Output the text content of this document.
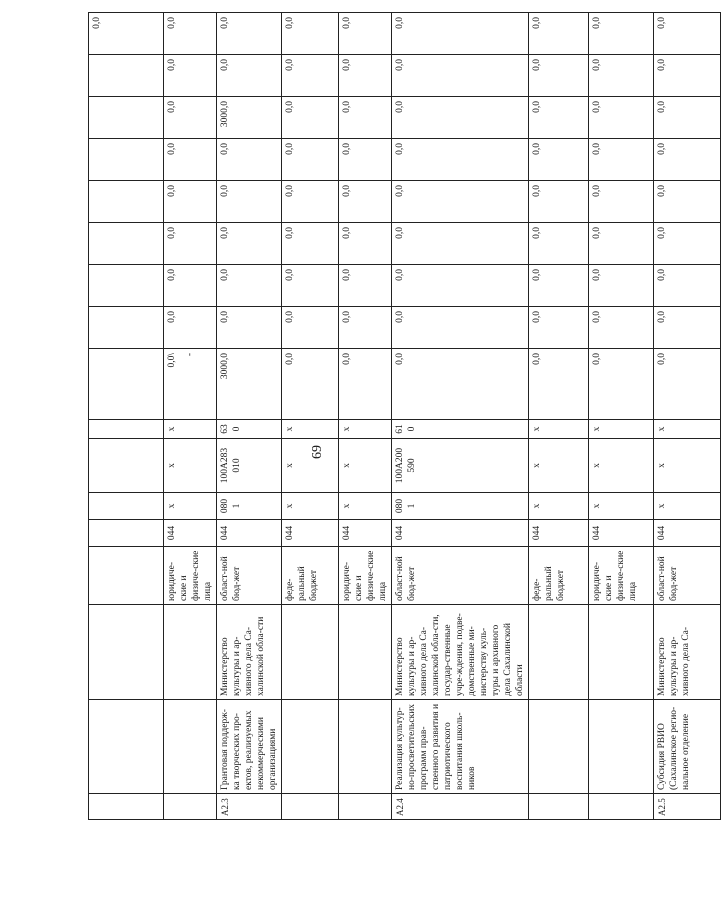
69
																0,0	
			юридиче-ские и физиче-ские лица	044	x	x	x	0,0\ -	0,0	0,0	0,0	0,0	0,0	0,0	0,0	0,0	
А2.3	Грантовая поддерж-ка творческих про-ектов, реализуемых некоммерческими организациями	Министерство культуры и ар-хивного дела Са-халинской обла-сти	област-ной бюд-жет	044	080 1	100А283 010	63 0	3000,0	0,0	0,0	0,0	0,0	0,0	3000,0	0,0	0,0	
			феде-ральный бюджет	044	x	x	x	0,0	0,0	0,0	0,0	0,0	0,0	0,0	0,0	0,0	
			юридиче-ские и физиче-ские лица	044	x	x	x	0,0	0,0	0,0	0,0	0,0	0,0	0,0	0,0	0,0	
А2.4	Реализация культур-но-просветительских программ прав-ственного развития и патриотического воспитания школь-ников	Министерство культуры и ар-хивного дела Са-халинской обла-сти, государ-ственные учре-ждения, подве-домственные ми-нистерству куль-туры и архивного дела Сахалинской области	област-ной бюд-жет	044	080 1	100А200 590	61 0	0,0	0,0	0,0	0,0	0,0	0,0	0,0	0,0	0,0	
			феде-ральный бюджет	044	x	x	x	0,0	0,0	0,0	0,0	0,0	0,0	0,0	0,0	0,0	
			юридиче-ские и физиче-ские лица	044	x	x	x	0,0	0,0	0,0	0,0	0,0	0,0	0,0	0,0	0,0	
А2.5	Субсидия РВИО (Сахалинское регио-нальное отделение	Министерство культуры и ар-хивного дела Са-	област-ной бюд-жет	044	x	x	x	0,0	0,0	0,0	0,0	0,0	0,0	0,0	0,0	0,0	
